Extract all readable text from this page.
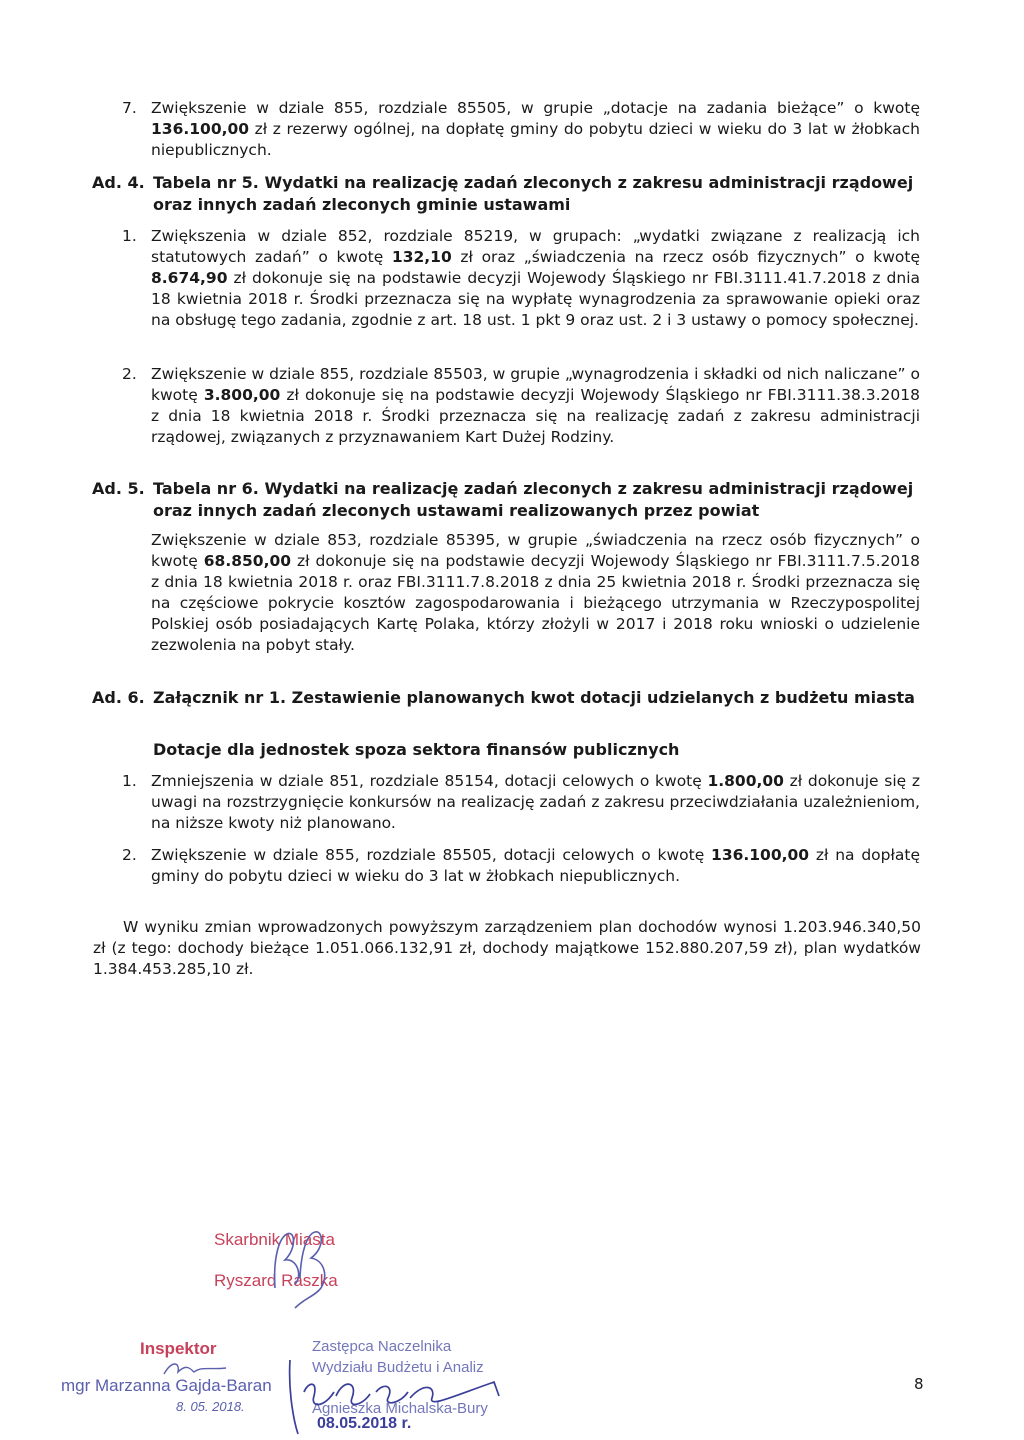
7. Zwiększenie w dziale 855, rozdziale 85505, w grupie „dotacje na zadania bieżące” o kwotę 136.100,00 zł z rezerwy ogólnej, na dopłatę gminy do pobytu dzieci w wieku do 3 lat w żłobkach niepublicznych.
Ad. 4. Tabela nr 5. Wydatki na realizację zadań zleconych z zakresu administracji rządowej oraz innych zadań zleconych gminie ustawami
1. Zwiększenia w dziale 852, rozdziale 85219, w grupach: „wydatki związane z realizacją ich statutowych zadań” o kwotę 132,10 zł oraz „świadczenia na rzecz osób fizycznych” o kwotę 8.674,90 zł dokonuje się na podstawie decyzji Wojewody Śląskiego nr FBI.3111.41.7.2018 z dnia 18 kwietnia 2018 r. Środki przeznacza się na wypłatę wynagrodzenia za sprawowanie opieki oraz na obsługę tego zadania, zgodnie z art. 18 ust. 1 pkt 9 oraz ust. 2 i 3 ustawy o pomocy społecznej.
2. Zwiększenie w dziale 855, rozdziale 85503, w grupie „wynagrodzenia i składki od nich naliczane” o kwotę 3.800,00 zł dokonuje się na podstawie decyzji Wojewody Śląskiego nr FBI.3111.38.3.2018 z dnia 18 kwietnia 2018 r. Środki przeznacza się na realizację zadań z zakresu administracji rządowej, związanych z przyznawaniem Kart Dużej Rodziny.
Ad. 5. Tabela nr 6. Wydatki na realizację zadań zleconych z zakresu administracji rządowej oraz innych zadań zleconych ustawami realizowanych przez powiat
Zwiększenie w dziale 853, rozdziale 85395, w grupie „świadczenia na rzecz osób fizycznych” o kwotę 68.850,00 zł dokonuje się na podstawie decyzji Wojewody Śląskiego nr FBI.3111.7.5.2018 z dnia 18 kwietnia 2018 r. oraz FBI.3111.7.8.2018 z dnia 25 kwietnia 2018 r. Środki przeznacza się na częściowe pokrycie kosztów zagospodarowania i bieżącego utrzymania w Rzeczypospolitej Polskiej osób posiadających Kartę Polaka, którzy złożyli w 2017 i 2018 roku wnioski o udzielenie zezwolenia na pobyt stały.
Ad. 6. Załącznik nr 1. Zestawienie planowanych kwot dotacji udzielanych z budżetu miasta
Dotacje dla jednostek spoza sektora finansów publicznych
1. Zmniejszenia w dziale 851, rozdziale 85154, dotacji celowych o kwotę 1.800,00 zł dokonuje się z uwagi na rozstrzygnięcie konkursów na realizację zadań z zakresu przeciwdziałania uzależnieniom, na niższe kwoty niż planowano.
2. Zwiększenie w dziale 855, rozdziale 85505, dotacji celowych o kwotę 136.100,00 zł na dopłatę gminy do pobytu dzieci w wieku do 3 lat w żłobkach niepublicznych.
W wyniku zmian wprowadzonych powyższym zarządzeniem plan dochodów wynosi 1.203.946.340,50 zł (z tego: dochody bieżące 1.051.066.132,91 zł, dochody majątkowe 152.880.207,59 zł), plan wydatków 1.384.453.285,10 zł.
Skarbnik Miasta
Ryszard Raszka
Inspektor
mgr Marzanna Gajda-Baran
8. 05. 2018.
Zastępca Naczelnika
Wydziału Budżetu i Analiz
Agnieszka Michalska-Bury
08.05.2018 r.
8
